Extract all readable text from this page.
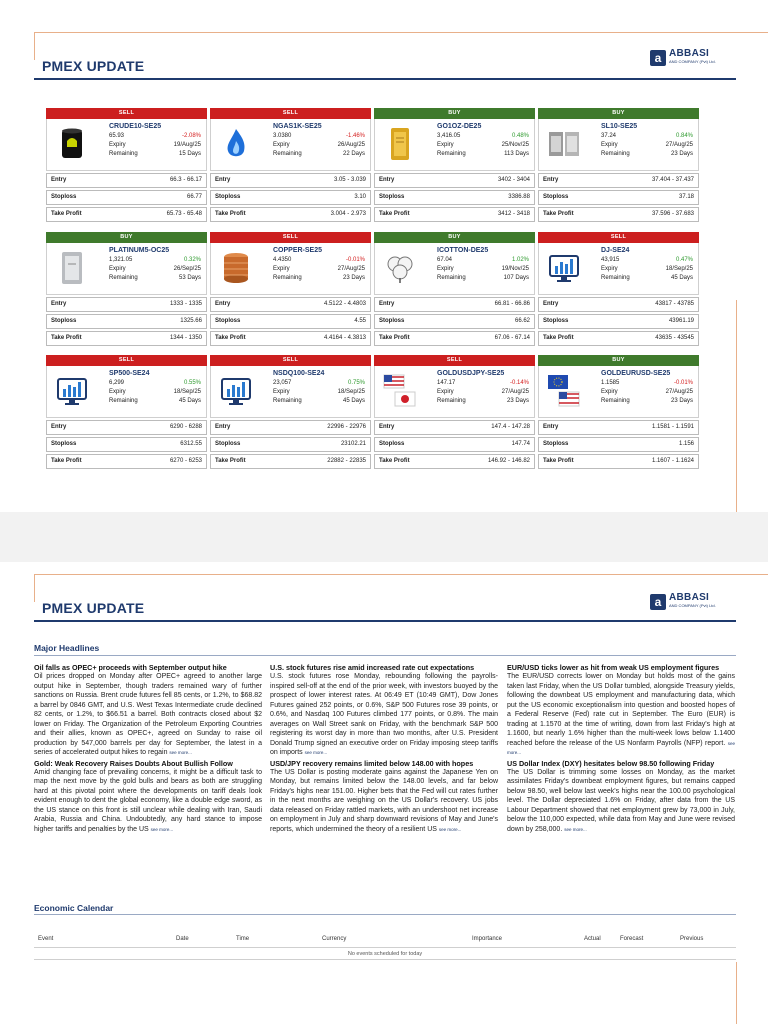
PMEX UPDATE	a ABBASI
AND COMPANY (Pvt) Ltd.
SELL
CRUDE10-SE25
65.93	-2.08%
Expiry	19/Aug/25
Remaining	15 Days
Entry	66.3 - 66.17
Stoploss	66.77
Take Profit	65.73 - 65.48
SELL
NGAS1K-SE25
3.0380	-1.46%
Expiry	26/Aug/25
Remaining	22 Days
Entry	3.05 - 3.039
Stoploss	3.10
Take Profit	3.004 - 2.973
BUY
GO1OZ-DE25
3,416.05	0.48%
Expiry	25/Nov/25
Remaining	113 Days
Entry	3402 - 3404
Stoploss	3386.88
Take Profit	3412 - 3418
BUY
SL10-SE25
37.24	0.84%
Expiry	27/Aug/25
Remaining	23 Days
Entry	37.404 - 37.437
Stoploss	37.18
Take Profit	37.596 - 37.683
BUY
PLATINUM5-OC25
1,321.05	0.32%
Expiry	26/Sep/25
Remaining	53 Days
Entry	1333 - 1335
Stoploss	1325.66
Take Profit	1344 - 1350
SELL
COPPER-SE25
4.4350	-0.01%
Expiry	27/Aug/25
Remaining	23 Days
Entry	4.5122 - 4.4803
Stoploss	4.55
Take Profit	4.4164 - 4.3813
BUY
ICOTTON-DE25
67.04	1.02%
Expiry	19/Nov/25
Remaining	107 Days
Entry	66.81 - 66.86
Stoploss	66.62
Take Profit	67.06 - 67.14
SELL
DJ-SE24
43,915	0.47%
Expiry	18/Sep/25
Remaining	45 Days
Entry	43817 - 43785
Stoploss	43961.19
Take Profit	43635 - 43545
SELL
SP500-SE24
6,299	0.55%
Expiry	18/Sep/25
Remaining	45 Days
Entry	6290 - 6288
Stoploss	6312.55
Take Profit	6270 - 6253
SELL
NSDQ100-SE24
23,057	0.75%
Expiry	18/Sep/25
Remaining	45 Days
Entry	22996 - 22976
Stoploss	23102.21
Take Profit	22882 - 22835
SELL
GOLDUSDJPY-SE25
147.17	-0.14%
Expiry	27/Aug/25
Remaining	23 Days
Entry	147.4 - 147.28
Stoploss	147.74
Take Profit	146.92 - 146.82
BUY
GOLDEURUSD-SE25
1.1585	-0.01%
Expiry	27/Aug/25
Remaining	23 Days
Entry	1.1581 - 1.1591
Stoploss	1.156
Take Profit	1.1607 - 1.1624
PMEX UPDATE	a ABBASI
AND COMPANY (Pvt) Ltd.
Major Headlines
Oil falls as OPEC+ proceeds with September output hike

Oil prices dropped on Monday after OPEC+ agreed to another large output hike in September, though traders remained wary of further sanctions on Russia. Brent crude futures fell 85 cents, or 1.2%, to $68.82 a barrel by 0846 GMT, and U.S. West Texas Intermediate crude declined 82 cents, or 1.2%, to $66.51 a barrel. Both contracts closed about $2 lower on Friday. The Organization of the Petroleum Exporting Countries and their allies, known as OPEC+, agreed on Sunday to raise oil production by 547,000 barrels per day for September, the latest in a series of accelerated output hikes to regain see more...

Gold: Weak Recovery Raises Doubts About Bullish Follow

Amid changing face of prevailing concerns, it might be a difficult task to map the next move by the gold bulls and bears as both are struggling hard at this pivotal point where the developments on tariff deals look evident enough to dent the global economy, like a double edge sword, as the US stance on this front is still unclear while dealing with Iran, Saudi Arabia, Russia and China. Undoubtedly, any hard stance to impose higher tariffs and penalties by the US see more...

U.S. stock futures rise amid increased rate cut expectations

U.S. stock futures rose Monday, rebounding following the payrolls-inspired sell-off at the end of the prior week, with investors buoyed by the prospect of lower interest rates. At 06:49 ET (10:49 GMT), Dow Jones Futures gained 252 points, or 0.6%, S&P 500 Futures rose 39 points, or 0.6%, and Nasdaq 100 Futures climbed 177 points, or 0.8%. The main averages on Wall Street sank on Friday, with the benchmark S&P 500 registering its worst day in more than two months, after U.S. President Donald Trump signed an executive order on Friday imposing steep tariffs on imports see more...

USD/JPY recovery remains limited below 148.00 with hopes

The US Dollar is posting moderate gains against the Japanese Yen on Monday, but remains limited below the 148.00 levels, and far below Friday's highs near 151.00. Higher bets that the Fed will cut rates further in the next months are weighing on the US Dollar's recovery. US jobs data released on Friday rattled markets, with an undershoot net increase on employment in July and sharp downward revisions of May and June's reports, which undermined the theory of a resilient US see more...

EUR/USD ticks lower as hit from weak US employment figures

The EUR/USD corrects lower on Monday but holds most of the gains taken last Friday, when the US Dollar tumbled, alongside Treasury yields, following the downbeat US employment and manufacturing data, which put the US economic exceptionalism into question and boosted hopes of a Federal Reserve (Fed) rate cut in September. The Euro (EUR) is trading at 1.1570 at the time of writing, down from last Friday's high at 1.1600, but nearly 1.6% higher than the multi-week lows below 1.1400 reached before the release of the US Nonfarm Payrolls (NFP) report. see more...

US Dollar Index (DXY) hesitates below 98.50 following Friday

The US Dollar is trimming some losses on Monday, as the market assimilates Friday's downbeat employment figures, but remains capped below 98.50, well below last week's highs near the 100.00 psychological level. The Dollar depreciated 1.6% on Friday, after data from the US Labour Department showed that net employment grew by 73,000 in July, below the 110,000 expected, while data from May and June were revised down by 258,000. see more...

Economic Calendar
Event	Date	Time	Currency	Importance	Actual	Forecast	Previous
No events scheduled for today
